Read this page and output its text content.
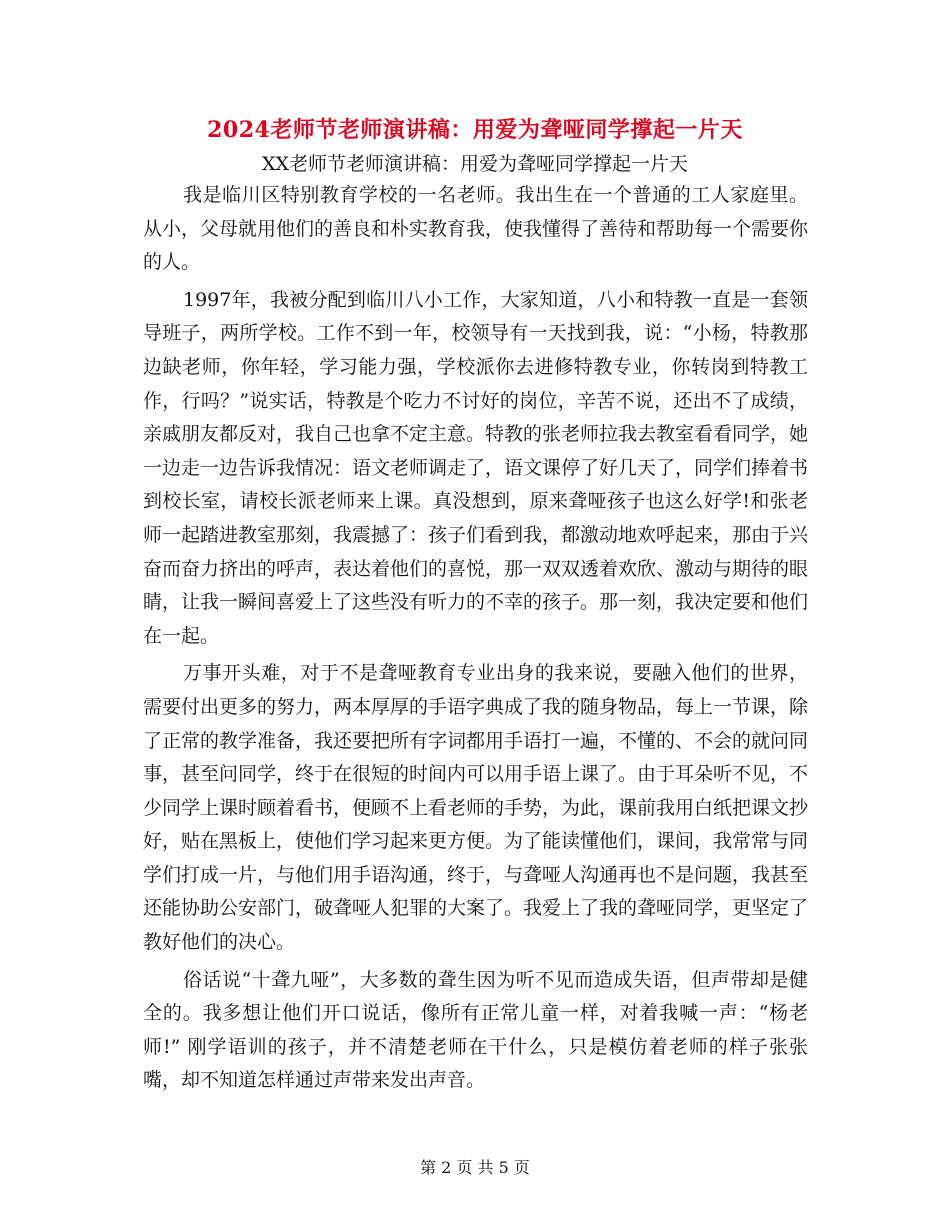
2024老师节老师演讲稿：用爱为聋哑同学撑起一片天
XX老师节老师演讲稿：用爱为聋哑同学撑起一片天

我是临川区特别教育学校的一名老师。我出生在一个普通的工人家庭里。从小，父母就用他们的善良和朴实教育我，使我懂得了善待和帮助每一个需要你的人。

1997年，我被分配到临川八小工作，大家知道，八小和特教一直是一套领导班子，两所学校。工作不到一年，校领导有一天找到我，说：“小杨，特教那边缺老师，你年轻，学习能力强，学校派你去进修特教专业，你转岗到特教工作，行吗？”说实话，特教是个吃力不讨好的岗位，辛苦不说，还出不了成绩，亲戚朋友都反对，我自己也拿不定主意。特教的张老师拉我去教室看看同学，她一边走一边告诉我情况：语文老师调走了，语文课停了好几天了，同学们捧着书到校长室，请校长派老师来上课。真没想到，原来聋哑孩子也这么好学!和张老师一起踏进教室那刻，我震撼了：孩子们看到我，都激动地欢呼起来，那由于兴奋而奋力挤出的呼声，表达着他们的喜悦，那一双双透着欢欣、激动与期待的眼睛，让我一瞬间喜爱上了这些没有听力的不幸的孩子。那一刻，我决定要和他们在一起。

万事开头难，对于不是聋哑教育专业出身的我来说，要融入他们的世界，需要付出更多的努力，两本厚厚的手语字典成了我的随身物品，每上一节课，除了正常的教学准备，我还要把所有字词都用手语打一遍，不懂的、不会的就问同事，甚至问同学，终于在很短的时间内可以用手语上课了。由于耳朵听不见，不少同学上课时顾着看书，便顾不上看老师的手势，为此，课前我用白纸把课文抄好，贴在黑板上，使他们学习起来更方便。为了能读懂他们，课间，我常常与同学们打成一片，与他们用手语沟通，终于，与聋哑人沟通再也不是问题，我甚至还能协助公安部门，破聋哑人犯罪的大案了。我爱上了我的聋哑同学，更坚定了教好他们的决心。

俗话说“十聋九哑”，大多数的聋生因为听不见而造成失语，但声带却是健全的。我多想让他们开口说话，像所有正常儿童一样，对着我喊一声：“杨老师!” 刚学语训的孩子，并不清楚老师在干什么，只是模仿着老师的样子张张嘴，却不知道怎样通过声带来发出声音。

第 2 页 共 5 页
